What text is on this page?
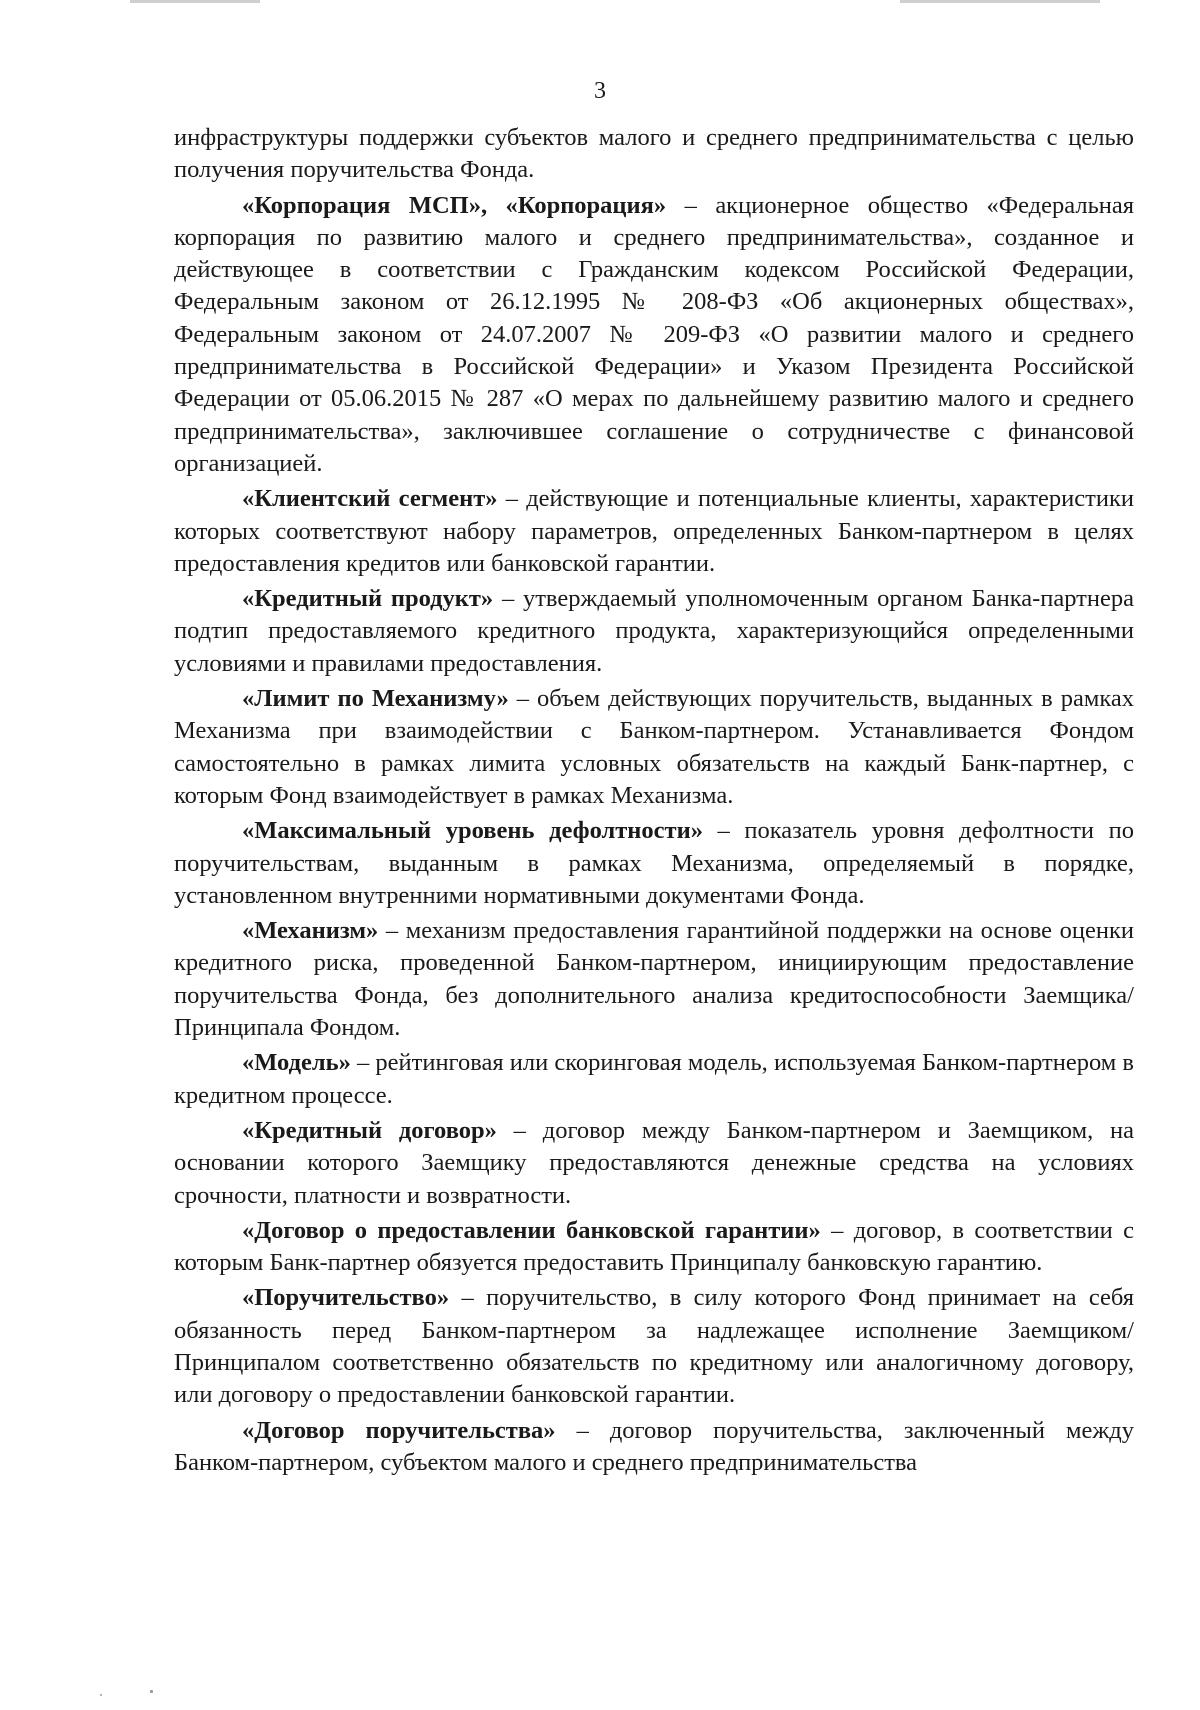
3

инфраструктуры поддержки субъектов малого и среднего предпринимательства с целью получения поручительства Фонда.

«Корпорация МСП», «Корпорация» – акционерное общество «Федеральная корпорация по развитию малого и среднего предпринимательства», созданное и действующее в соответствии с Гражданским кодексом Российской Федерации, Федеральным законом от 26.12.1995 № 208-ФЗ «Об акционерных обществах», Федеральным законом от 24.07.2007 № 209-ФЗ «О развитии малого и среднего предпринимательства в Российской Федерации» и Указом Президента Российской Федерации от 05.06.2015 № 287 «О мерах по дальнейшему развитию малого и среднего предпринимательства», заключившее соглашение о сотрудничестве с финансовой организацией.

«Клиентский сегмент» – действующие и потенциальные клиенты, характеристики которых соответствуют набору параметров, определенных Банком-партнером в целях предоставления кредитов или банковской гарантии.

«Кредитный продукт» – утверждаемый уполномоченным органом Банка-партнера подтип предоставляемого кредитного продукта, характеризующийся определенными условиями и правилами предоставления.

«Лимит по Механизму» – объем действующих поручительств, выданных в рамках Механизма при взаимодействии с Банком-партнером. Устанавливается Фондом самостоятельно в рамках лимита условных обязательств на каждый Банк-партнер, с которым Фонд взаимодействует в рамках Механизма.

«Максимальный уровень дефолтности» – показатель уровня дефолтности по поручительствам, выданным в рамках Механизма, определяемый в порядке, установленном внутренними нормативными документами Фонда.

«Механизм» – механизм предоставления гарантийной поддержки на основе оценки кредитного риска, проведенной Банком-партнером, инициирующим предоставление поручительства Фонда, без дополнительного анализа кредитоспособности Заемщика/Принципала Фондом.

«Модель» – рейтинговая или скоринговая модель, используемая Банком-партнером в кредитном процессе.

«Кредитный договор» – договор между Банком-партнером и Заемщиком, на основании которого Заемщику предоставляются денежные средства на условиях срочности, платности и возвратности.

«Договор о предоставлении банковской гарантии» – договор, в соответствии с которым Банк-партнер обязуется предоставить Принципалу банковскую гарантию.

«Поручительство» – поручительство, в силу которого Фонд принимает на себя обязанность перед Банком-партнером за надлежащее исполнение Заемщиком/Принципалом соответственно обязательств по кредитному или аналогичному договору, или договору о предоставлении банковской гарантии.

«Договор поручительства» – договор поручительства, заключенный между Банком-партнером, субъектом малого и среднего предпринимательства
